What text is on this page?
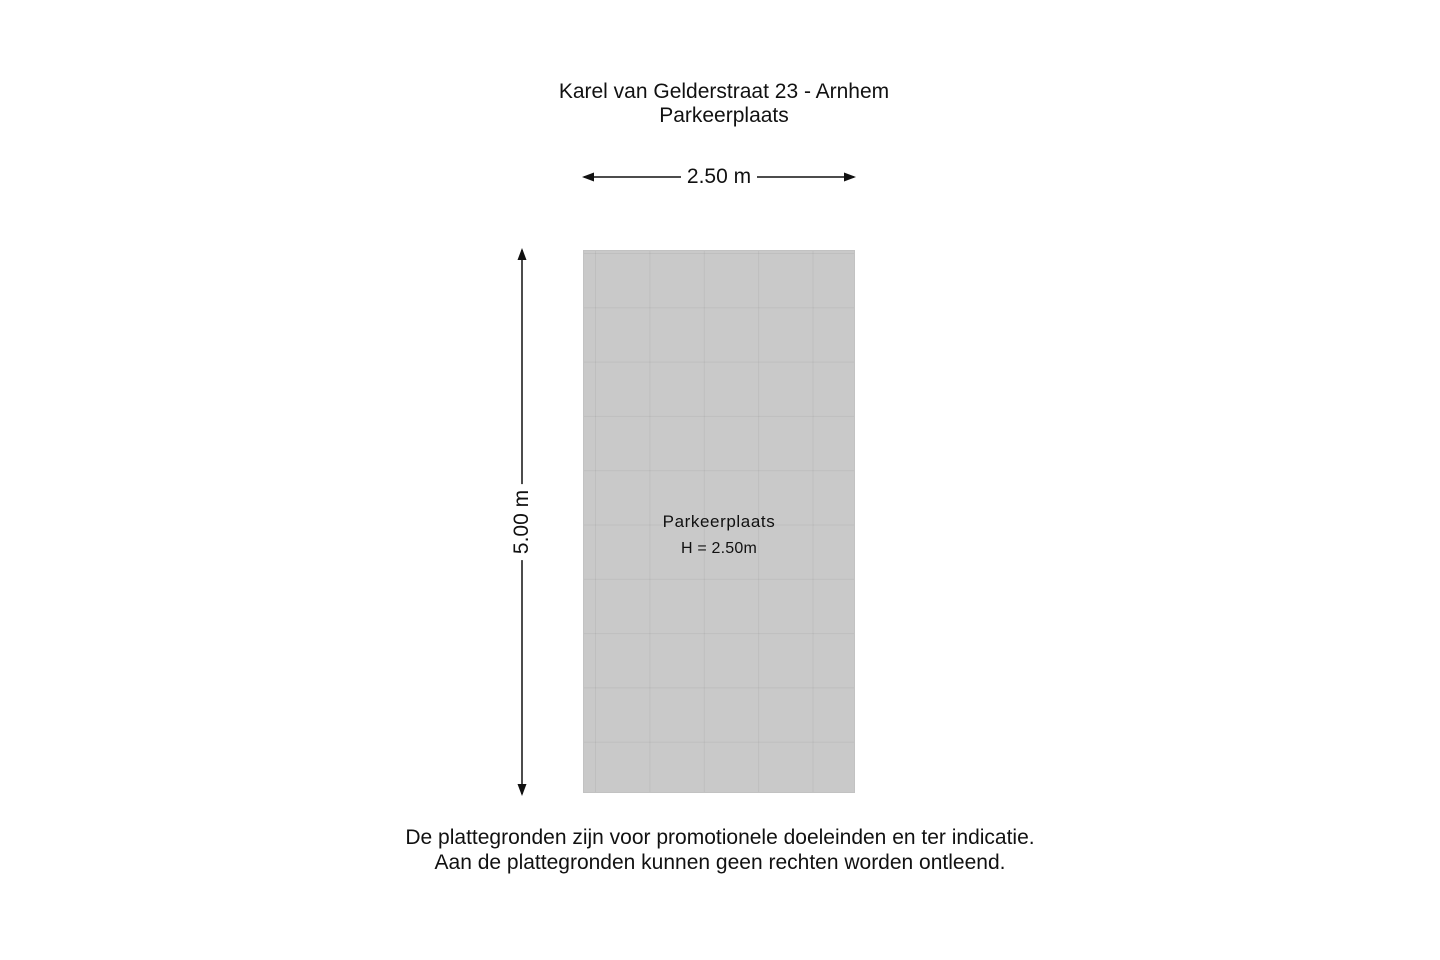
Karel van Gelderstraat 23 - Arnhem
Parkeerplaats
2.50 m
5.00 m	Parkeerplaats
H = 2.50m
De plattegronden zijn voor promotionele doeleinden en ter indicatie.
Aan de plattegronden kunnen geen rechten worden ontleend.
